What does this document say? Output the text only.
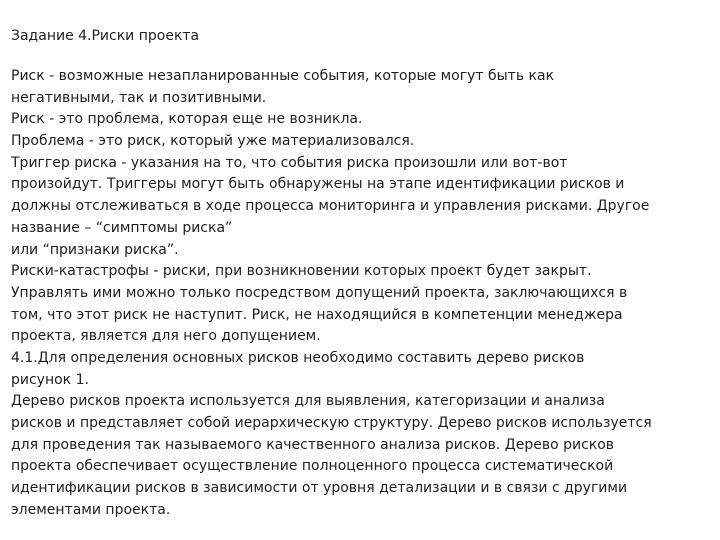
Задание 4.Риски проекта
Риск - возможные незапланированные события, которые могут быть как
негативными, так и позитивными.
Риск - это проблема, которая еще не возникла.
Проблема - это риск, который уже материализовался.
Триггер риска - указания на то, что события риска произошли или вот-вот
произойдут. Триггеры могут быть обнаружены на этапе идентификации рисков и
должны отслеживаться в ходе процесса мониторинга и управления рисками. Другое
название – “симптомы риска”
или “признаки риска”.
Риски-катастрофы - риски, при возникновении которых проект будет закрыт.
Управлять ими можно только посредством допущений проекта, заключающихся в
том, что этот риск не наступит. Риск, не находящийся в компетенции менеджера
проекта, является для него допущением.
4.1.Для определения основных рисков необходимо составить дерево рисков
рисунок 1.
Дерево рисков проекта используется для выявления, категоризации и анализа
рисков и представляет собой иерархическую структуру. Дерево рисков используется
для проведения так называемого качественного анализа рисков. Дерево рисков
проекта обеспечивает осуществление полноценного процесса систематической
идентификации рисков в зависимости от уровня детализации и в связи с другими
элементами проекта.
